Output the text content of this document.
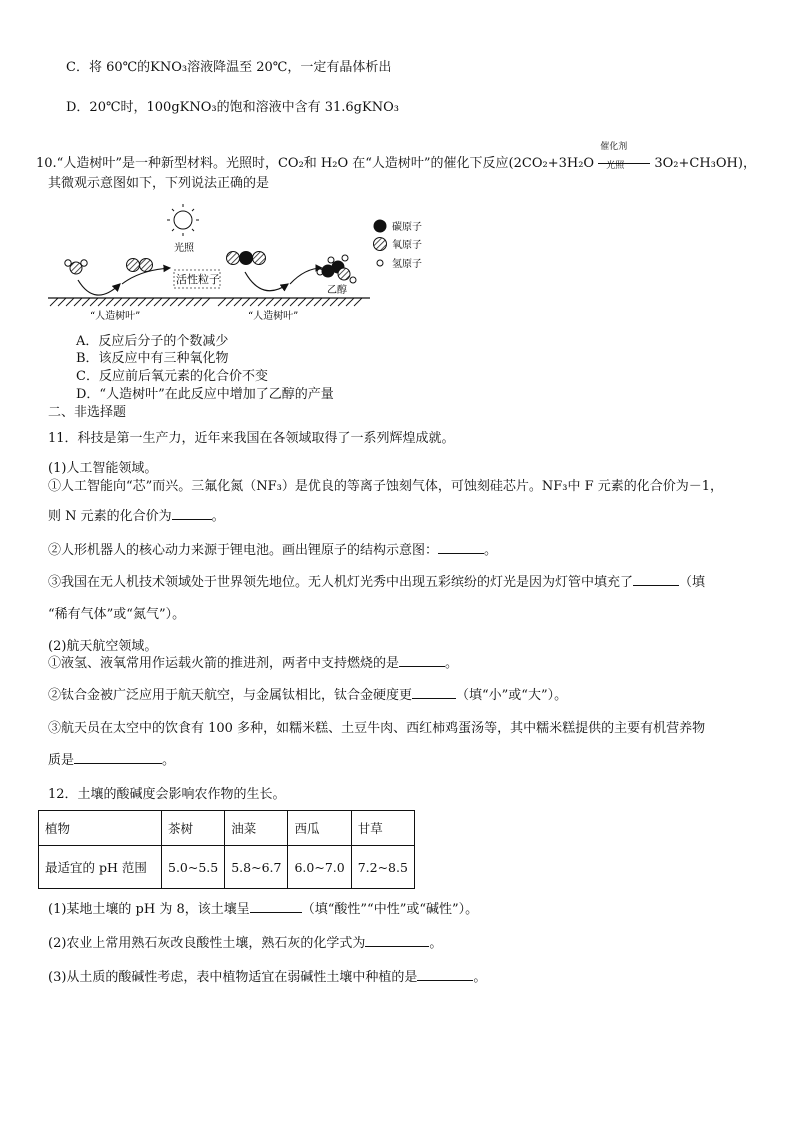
C．将 60℃的KNO₃溶液降温至 20℃，一定有晶体析出
D．20℃时，100gKNO₃的饱和溶液中含有 31.6gKNO₃
10.“人造树叶”是一种新型材料。光照时，CO₂和 H₂O 在“人造树叶”的催化下反应(2CO₂+3H₂O
催化剂
光照 3O₂+CH₃OH)，
其微观示意图如下，下列说法正确的是
“人造树叶”	“人造树叶”
光照
活性粒子
乙醇
碳原子
氧原子
氢原子
A．反应后分子的个数减少
B．该反应中有三种氧化物
C．反应前后氧元素的化合价不变
D．“人造树叶”在此反应中增加了乙醇的产量
二、非选择题
11．科技是第一生产力，近年来我国在各领域取得了一系列辉煌成就。
(1)人工智能领域。
①人工智能向“芯”而兴。三氟化氮（NF₃）是优良的等离子蚀刻气体，可蚀刻硅芯片。NF₃中 F 元素的化合价为－1，
则 N 元素的化合价为	。
②人形机器人的核心动力来源于锂电池。画出锂原子的结构示意图：	。
③我国在无人机技术领域处于世界领先地位。无人机灯光秀中出现五彩缤纷的灯光是因为灯管中填充了	（填
“稀有气体”或“氮气”）。
(2)航天航空领域。
①液氢、液氧常用作运载火箭的推进剂，两者中支持燃烧的是	。
②钛合金被广泛应用于航天航空，与金属钛相比，钛合金硬度更	（填“小”或“大”）。
③航天员在太空中的饮食有 100 多种，如糯米糕、土豆牛肉、西红柿鸡蛋汤等，其中糯米糕提供的主要有机营养物
质是	。
12．土壤的酸碱度会影响农作物的生长。
植物	茶树	油菜	西瓜	甘草
最适宜的 pH 范围	5.0~5.5	5.8~6.7	6.0~7.0	7.2~8.5
(1)某地土壤的 pH 为 8，该土壤呈	（填“酸性”“中性”或“碱性”）。
(2)农业上常用熟石灰改良酸性土壤，熟石灰的化学式为	。
(3)从土质的酸碱性考虑，表中植物适宜在弱碱性土壤中种植的是	。
